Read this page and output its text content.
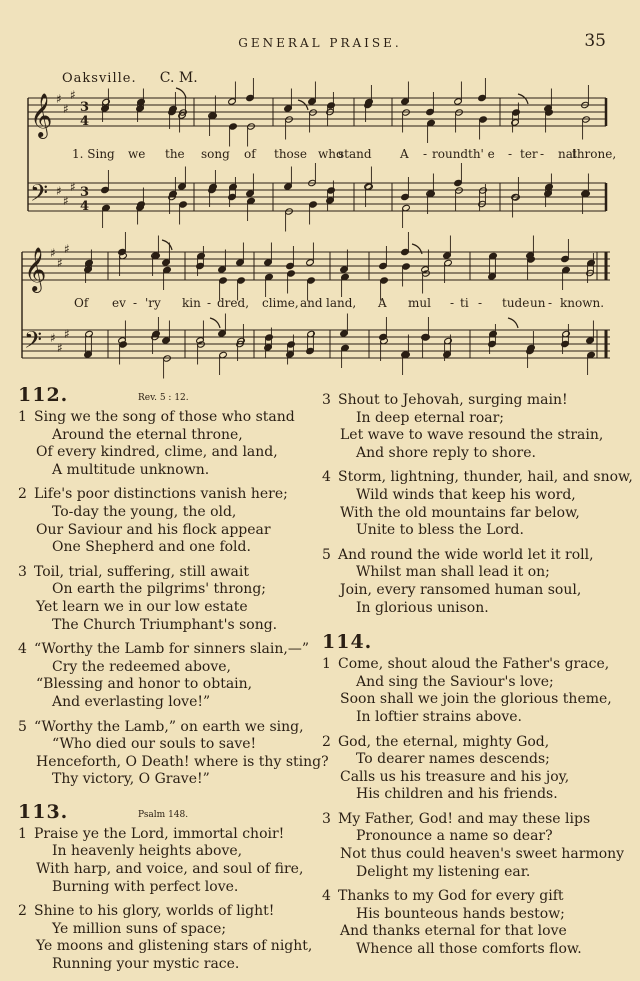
GENERAL PRAISE.	35
Oaksville. C. M.
𝄞 ♯
♯
♯
3
4
𝄢 ♯
♯
♯ 3
4
𝄞 ♯
♯
♯
𝄢 ♯
♯
♯
1. Sing we the song of those who
stand A - round th' e - ter - nal
throne,
Of ev - 'ry kin - dred, clime, and land, A mul - ti - tude un - known.
112.	Rev. 5 : 12.
1 Sing we the song of those who stand
Around the eternal throne,
Of every kindred, clime, and land,
A multitude unknown.
2 Life's poor distinctions vanish here;
To-day the young, the old,
Our Saviour and his flock appear
One Shepherd and one fold.
3 Toil, trial, suffering, still await
On earth the pilgrims' throng;
Yet learn we in our low estate
The Church Triumphant's song.
4 “Worthy the Lamb for sinners slain,—”
Cry the redeemed above,
“Blessing and honor to obtain,
And everlasting love!”
5 “Worthy the Lamb,” on earth we sing,
“Who died our souls to save!
Henceforth, O Death! where is thy sting?
Thy victory, O Grave!”
113.	Psalm 148.
1 Praise ye the Lord, immortal choir!
In heavenly heights above,
With harp, and voice, and soul of fire,
Burning with perfect love.
2 Shine to his glory, worlds of light!
Ye million suns of space;
Ye moons and glistening stars of night,
Running your mystic race.
3 Shout to Jehovah, surging main!
In deep eternal roar;
Let wave to wave resound the strain,
And shore reply to shore.
4 Storm, lightning, thunder, hail, and snow,
Wild winds that keep his word,
With the old mountains far below,
Unite to bless the Lord.
5 And round the wide world let it roll,
Whilst man shall lead it on;
Join, every ransomed human soul,
In glorious unison.
114.
1 Come, shout aloud the Father's grace,
And sing the Saviour's love;
Soon shall we join the glorious theme,
In loftier strains above.
2 God, the eternal, mighty God,
To dearer names descends;
Calls us his treasure and his joy,
His children and his friends.
3 My Father, God! and may these lips
Pronounce a name so dear?
Not thus could heaven's sweet harmony
Delight my listening ear.
4 Thanks to my God for every gift
His bounteous hands bestow;
And thanks eternal for that love
Whence all those comforts flow.
